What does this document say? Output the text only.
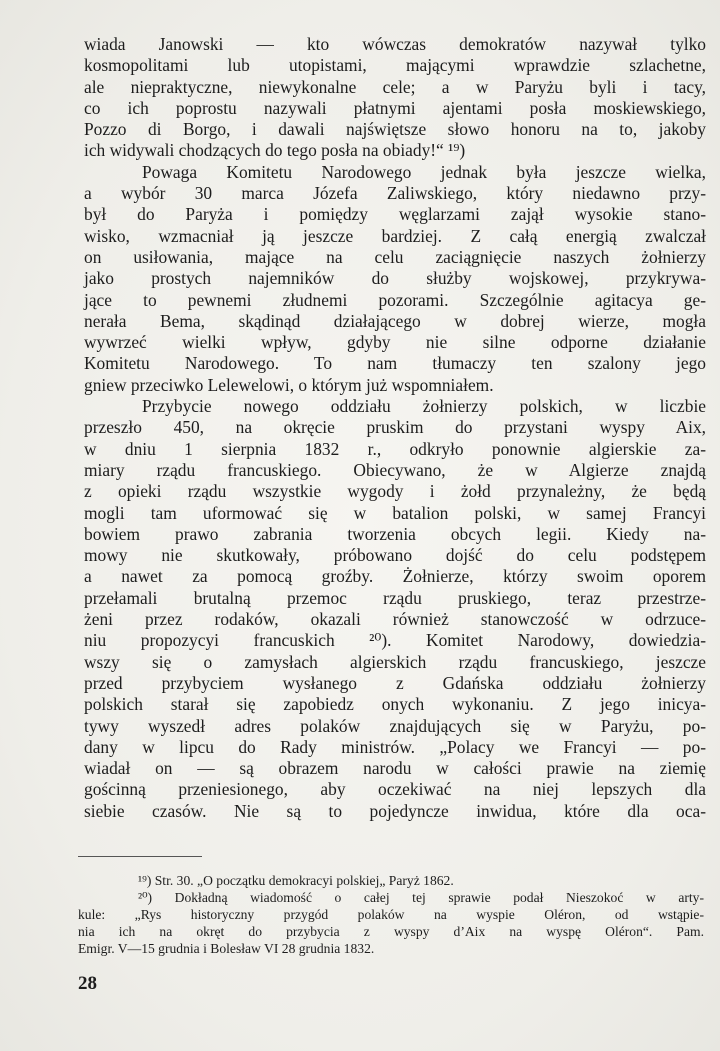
wiada Janowski — kto wówczas demokratów nazywał tylko
kosmopolitami lub utopistami, mającymi wprawdzie szlachetne,
ale niepraktyczne, niewykonalne cele; a w Paryżu byli i tacy,
co ich poprostu nazywali płatnymi ajentami posła moskiewskiego,
Pozzo di Borgo, i dawali najświętsze słowo honoru na to, jakoby
ich widywali chodzących do tego posła na obiady!“ ¹⁹)
Powaga Komitetu Narodowego jednak była jeszcze wielka,
a wybór 30 marca Józefa Zaliwskiego, który niedawno przy-
był do Paryża i pomiędzy węglarzami zajął wysokie stano-
wisko, wzmacniał ją jeszcze bardziej. Z całą energią zwalczał
on usiłowania, mające na celu zaciągnięcie naszych żołnierzy
jako prostych najemników do służby wojskowej, przykrywa-
jące to pewnemi złudnemi pozorami. Szczególnie agitacya ge-
nerała Bema, skądinąd działającego w dobrej wierze, mogła
wywrzeć wielki wpływ, gdyby nie silne odporne działanie
Komitetu Narodowego. To nam tłumaczy ten szalony jego
gniew przeciwko Lelewelowi, o którym już wspomniałem.
Przybycie nowego oddziału żołnierzy polskich, w liczbie
przeszło 450, na okręcie pruskim do przystani wyspy Aix,
w dniu 1 sierpnia 1832 r., odkryło ponownie algierskie za-
miary rządu francuskiego. Obiecywano, że w Algierze znajdą
z opieki rządu wszystkie wygody i żołd przynależny, że będą
mogli tam uformować się w batalion polski, w samej Francyi
bowiem prawo zabrania tworzenia obcych legii. Kiedy na-
mowy nie skutkowały, próbowano dojść do celu podstępem
a nawet za pomocą groźby. Żołnierze, którzy swoim oporem
przełamali brutalną przemoc rządu pruskiego, teraz przestrze-
żeni przez rodaków, okazali również stanowczość w odrzuce-
niu propozycyi francuskich ²⁰). Komitet Narodowy, dowiedzia-
wszy się o zamysłach algierskich rządu francuskiego, jeszcze
przed przybyciem wysłanego z Gdańska oddziału żołnierzy
polskich starał się zapobiedz onych wykonaniu. Z jego inicya-
tywy wyszedł adres polaków znajdujących się w Paryżu, po-
dany w lipcu do Rady ministrów. „Polacy we Francyi — po-
wiadał on — są obrazem narodu w całości prawie na ziemię
gościnną przeniesionego, aby oczekiwać na niej lepszych dla
siebie czasów. Nie są to pojedyncze inwidua, które dla oca-
¹⁹) Str. 30. „O początku demokracyi polskiej„ Paryż 1862.
²⁰) Dokładną wiadomość o całej tej sprawie podał Nieszokoć w arty-
kule: „Rys historyczny przygód polaków na wyspie Oléron, od wstąpie-
nia ich na okręt do przybycia z wyspy d’Aix na wyspę Oléron“. Pam.
Emigr. V—15 grudnia i Bolesław VI 28 grudnia 1832.
28
